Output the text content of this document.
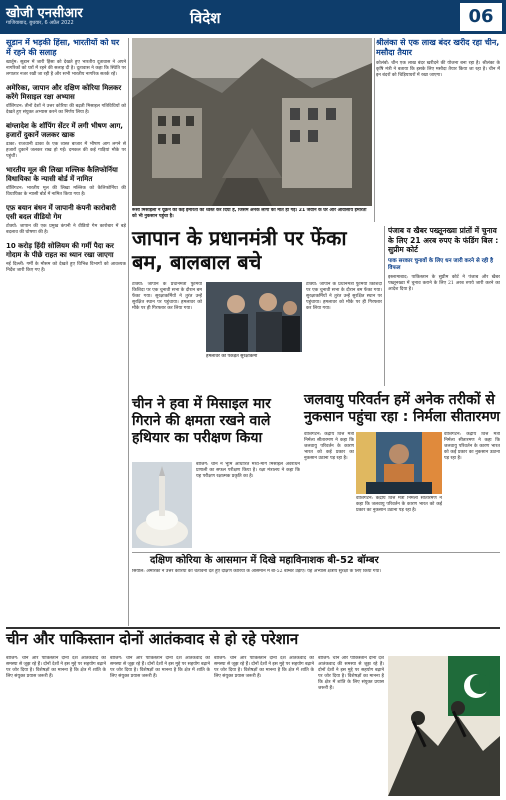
खोजी एनसीआर
गाजियाबाद, बुधवार, 6 अप्रैल 2022	विदेश	06
सूडान में भड़की हिंसा, भारतीयों को घर में रहने की सलाह
खार्तूम: सूडान में जारी हिंसा को देखते हुए भारतीय दूतावास ने अपने नागरिकों को घरों में रहने की सलाह दी है। दूतावास ने कहा कि स्थिति पर लगातार नजर रखी जा रही है और सभी भारतीय नागरिक सतर्क रहें।
अमेरिका, जापान और दक्षिण कोरिया मिलकर करेंगे मिसाइल रक्षा अभ्यास
वॉशिंगटन: तीनों देशों ने उत्तर कोरिया की बढ़ती मिसाइल गतिविधियों को देखते हुए संयुक्त अभ्यास करने का निर्णय लिया है।
बांग्लादेश के शॉपिंग सेंटर में लगी भीषण आग, हजारों दुकानें जलकर खाक
ढाका: राजधानी ढाका के एक व्यस्त बाजार में भीषण आग लगने से हजारों दुकानें जलकर राख हो गईं। दमकल की कई गाड़ियां मौके पर पहुंचीं।
भारतीय मूल की लिखा मल्लिक कैलिफोर्निया विधायिका के न्यासी बोर्ड में नामित
वॉशिंगटन: भारतीय मूल की लिखा मल्लिक को कैलिफोर्निया की विधायिका के न्यासी बोर्ड में नामित किया गया है।
एफ़ बयान बंधन में जापानी कंपनी कारोबारी एसी बदल वीडियो गेम
टोक्यो: जापान की एक प्रमुख कंपनी ने वीडियो गेम कारोबार में बड़े बदलाव की घोषणा की है।
10 करोड़ हिंदी सोलियम की गर्मी पैदा कर गोदाम के पीछे राहत का ध्यान रखा जाएगा
नई दिल्ली: गर्मी के मौसम को देखते हुए विभिन्न विभागों को आवश्यक निर्देश जारी किए गए हैं।
रूसी मिसाइलों ने यूक्रेन की कई इमारतों को ध्वस्त कर दिया है, जिसमें अनेक लोगों की मौत हो गई। 21 जवान के घर और आवासीय इमारतों को भी नुकसान पहुंचा है।
श्रीलंका से एक लाख बंदर खरीद रहा चीन, मसौदा तैयार
कोलंबो: चीन एक लाख बंदर खरीदने की योजना बना रहा है। श्रीलंका के कृषि मंत्री ने बताया कि इसके लिए मसौदा तैयार किया जा रहा है। चीन में इन बंदरों को चिड़ियाघरों में रखा जाएगा।
जापान के प्रधानमंत्री पर फेंका बम, बालबाल बचे
टोक्यो: जापान के प्रधानमंत्री फुमियो किशिदा पर एक चुनावी सभा के दौरान बम फेंका गया। सुरक्षाकर्मियों ने तुरंत उन्हें सुरक्षित स्थान पर पहुंचाया। हमलावर को मौके पर ही गिरफ्तार कर लिया गया।
हमलावर को पकड़ते सुरक्षाकर्मी
टोक्यो: जापान के प्रधानमंत्री फुमियो किशिदा पर एक चुनावी सभा के दौरान बम फेंका गया। सुरक्षाकर्मियों ने तुरंत उन्हें सुरक्षित स्थान पर पहुंचाया। हमलावर को मौके पर ही गिरफ्तार कर लिया गया।
पंजाब व खैबर पख्तूनख्वा प्रांतों में चुनाव के लिए 21 अरब रुपए के फंडिंग बिल : सुप्रीम कोर्ट
पाक सरकार चुनावों के लिए धन जारी करने से रही है विफल
इस्लामाबाद: पाकिस्तान के सुप्रीम कोर्ट ने पंजाब और खैबर पख्तूनख्वा में चुनाव कराने के लिए 21 अरब रुपये जारी करने का आदेश दिया है।
चीन ने हवा में मिसाइल मार गिराने की क्षमता रखने वाले हथियार का परीक्षण किया
बीजिंग: चीन ने भूमि आधारित मध्य-मार्ग मिसाइल अवरोधन प्रणाली का सफल परीक्षण किया है। रक्षा मंत्रालय ने कहा कि यह परीक्षण रक्षात्मक प्रकृति का है।
जलवायु परिवर्तन हमें अनेक तरीकों से नुकसान पहुंचा रहा : निर्मला सीतारमण
वॉशिंगटन: केंद्रीय वित्त मंत्री निर्मला सीतारमण ने कहा कि जलवायु परिवर्तन के कारण भारत को कई प्रकार का नुकसान उठाना पड़ रहा है।
वॉशिंगटन: केंद्रीय वित्त मंत्री निर्मला सीतारमण ने कहा कि जलवायु परिवर्तन के कारण भारत को कई प्रकार का नुकसान उठाना पड़ रहा है।
वॉशिंगटन: केंद्रीय वित्त मंत्री निर्मला सीतारमण ने कहा कि जलवायु परिवर्तन के कारण भारत को कई प्रकार का नुकसान उठाना पड़ रहा है।
दक्षिण कोरिया के आसमान में दिखे महाविनाशक बी-52 बॉम्बर
सियोल: अमेरिका ने उत्तर कोरिया को चेतावनी देते हुए दक्षिण कोरिया के आसमान में बी-52 बॉम्बर उड़ाए। यह अभ्यास क्षेत्रीय सुरक्षा के लिए किया गया।
चीन और पाकिस्तान दोनों आतंकवाद से हो रहे परेशान
बीजिंग: चीन और पाकिस्तान दोनों देश आतंकवाद की समस्या से जूझ रहे हैं। दोनों देशों ने इस मुद्दे पर सहयोग बढ़ाने पर जोर दिया है। विशेषज्ञों का मानना है कि क्षेत्र में शांति के लिए संयुक्त प्रयास जरूरी हैं।
बीजिंग: चीन और पाकिस्तान दोनों देश आतंकवाद की समस्या से जूझ रहे हैं। दोनों देशों ने इस मुद्दे पर सहयोग बढ़ाने पर जोर दिया है। विशेषज्ञों का मानना है कि क्षेत्र में शांति के लिए संयुक्त प्रयास जरूरी हैं।
बीजिंग: चीन और पाकिस्तान दोनों देश आतंकवाद की समस्या से जूझ रहे हैं। दोनों देशों ने इस मुद्दे पर सहयोग बढ़ाने पर जोर दिया है। विशेषज्ञों का मानना है कि क्षेत्र में शांति के लिए संयुक्त प्रयास जरूरी हैं।
बीजिंग: चीन और पाकिस्तान दोनों देश आतंकवाद की समस्या से जूझ रहे हैं। दोनों देशों ने इस मुद्दे पर सहयोग बढ़ाने पर जोर दिया है। विशेषज्ञों का मानना है कि क्षेत्र में शांति के लिए संयुक्त प्रयास जरूरी हैं।
